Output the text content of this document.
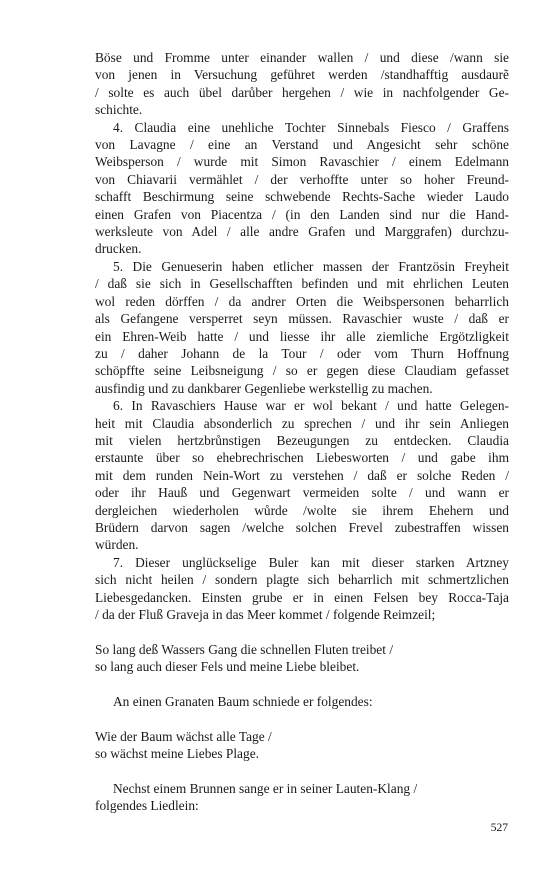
Böse und Fromme unter einander wallen / und diese /wann sie
von jenen in Versuchung geführet werden /standhafftig ausdaurẽ
/ solte es auch übel darůber hergehen / wie in nachfolgender Ge-
schichte.

4. Claudia eine unehliche Tochter Sinnebals Fiesco / Graffens
von Lavagne / eine an Verstand und Angesicht sehr schöne
Weibsperson / wurde mit Simon Ravaschier / einem Edelmann
von Chiavarii vermählet / der verhoffte unter so hoher Freund-
schafft Beschirmung seine schwebende Rechts-Sache wieder Laudo
einen Grafen von Piacentza / (in den Landen sind nur die Hand-
werksleute von Adel / alle andre Grafen und Marggrafen) durchzu-
drucken.

5. Die Genueserin haben etlicher massen der Frantzösin Freyheit
/ daß sie sich in Gesellschafften befinden und mit ehrlichen Leuten
wol reden dörffen / da andrer Orten die Weibspersonen beharrlich
als Gefangene versperret seyn müssen. Ravaschier wuste / daß er
ein Ehren-Weib hatte / und liesse ihr alle ziemliche Ergötzligkeit
zu / daher Johann de la Tour / oder vom Thurn Hoffnung
schöpffte seine Leibsneigung / so er gegen diese Claudiam gefasset
ausfindig und zu dankbarer Gegenliebe werkstellig zu machen.

6. In Ravaschiers Hause war er wol bekant / und hatte Gelegen-
heit mit Claudia absonderlich zu sprechen / und ihr sein Anliegen
mit vielen hertzbrůnstigen Bezeugungen zu entdecken. Claudia
erstaunte über so ehebrechrischen Liebesworten / und gabe ihm
mit dem runden Nein-Wort zu verstehen / daß er solche Reden /
oder ihr Hauß und Gegenwart vermeiden solte / und wann er
dergleichen wiederholen wůrde /wolte sie ihrem Ehehern und
Brüdern darvon sagen /welche solchen Frevel zubestraffen wissen
würden.

7. Dieser unglückselige Buler kan mit dieser starken Artzney
sich nicht heilen / sondern plagte sich beharrlich mit schmertzlichen
Liebesgedancken. Einsten grube er in einen Felsen bey Rocca-Taja
/ da der Fluß Graveja in das Meer kommet / folgende Reimzeil;

So lang deß Wassers Gang die schnellen Fluten treibet /
so lang auch dieser Fels und meine Liebe bleibet.

An einen Granaten Baum schniede er folgendes:

Wie der Baum wächst alle Tage /
so wächst meine Liebes Plage.

Nechst einem Brunnen sange er in seiner Lauten-Klang /
folgendes Liedlein:

527
